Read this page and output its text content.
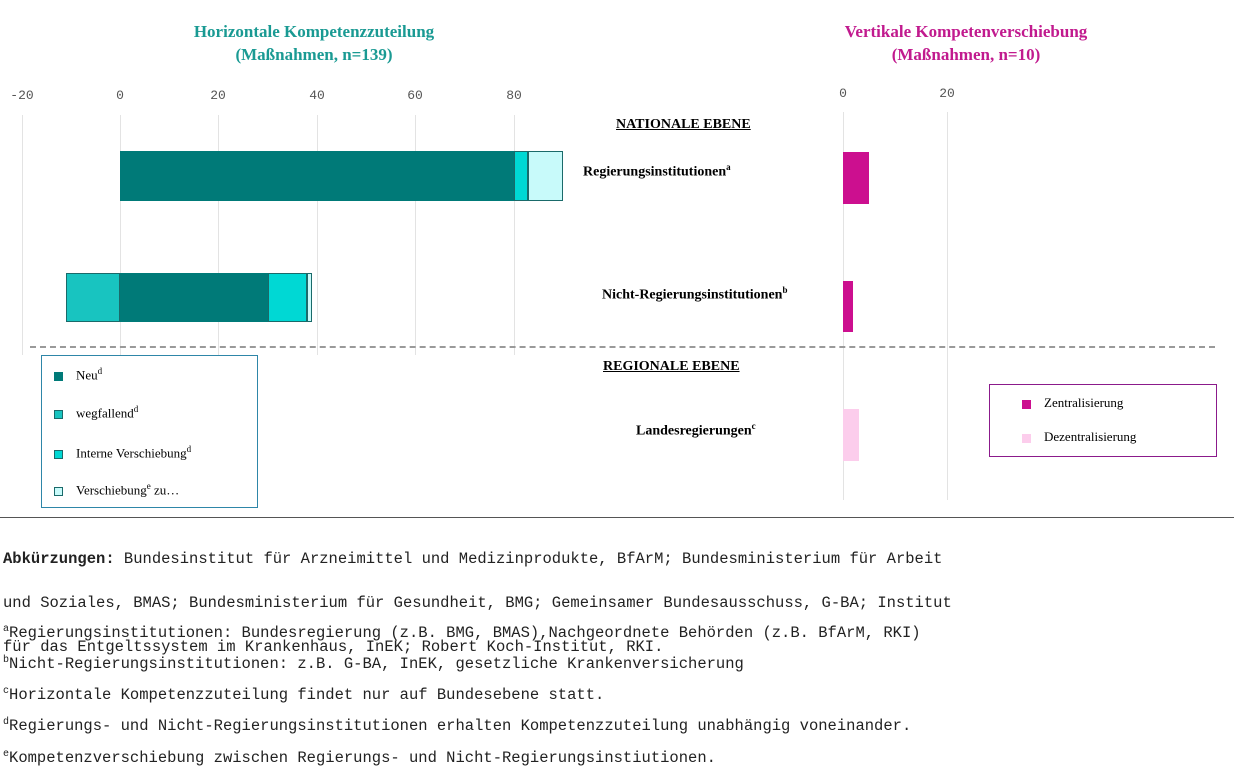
Horizontale Kompetenzzuteilung
(Maßnahmen, n=139)
Vertikale Kompetenverschiebung
(Maßnahmen, n=10)
-20	0	20	40	60	80	0	20
NATIONALE EBENE
REGIONALE EBENE
Regierungsinstitutionen$^a$
Nicht-Regierungsinstitutionen$^b$
Landesregierungen$^c$
Neu$^d$
wegfallend$^d$
Interne Verschiebung$^d$
Verschiebung$^e$ zu…
Zentralisierung
Dezentralisierung

Abkürzungen: Bundesinstitut für Arzneimittel und Medizinprodukte, BfArM; Bundesministerium für Arbeit

und Soziales, BMAS; Bundesministerium für Gesundheit, BMG; Gemeinsamer Bundesausschuss, G-BA; Institut

für das Entgeltssystem im Krankenhaus, InEK; Robert Koch-Institut, RKI.

$^a$Regierungsinstitutionen: Bundesregierung (z.B. BMG, BMAS),Nachgeordnete Behörden (z.B. BfArM, RKI)
$^b$Nicht-Regierungsinstitutionen: z.B. G-BA, InEK, gesetzliche Krankenversicherung
$^c$Horizontale Kompetenzzuteilung findet nur auf Bundesebene statt.
$^d$Regierungs- und Nicht-Regierungsinstitutionen erhalten Kompetenzzuteilung unabhängig voneinander.
$^e$Kompetenzverschiebung zwischen Regierungs- und Nicht-Regierungsinstiutionen.
